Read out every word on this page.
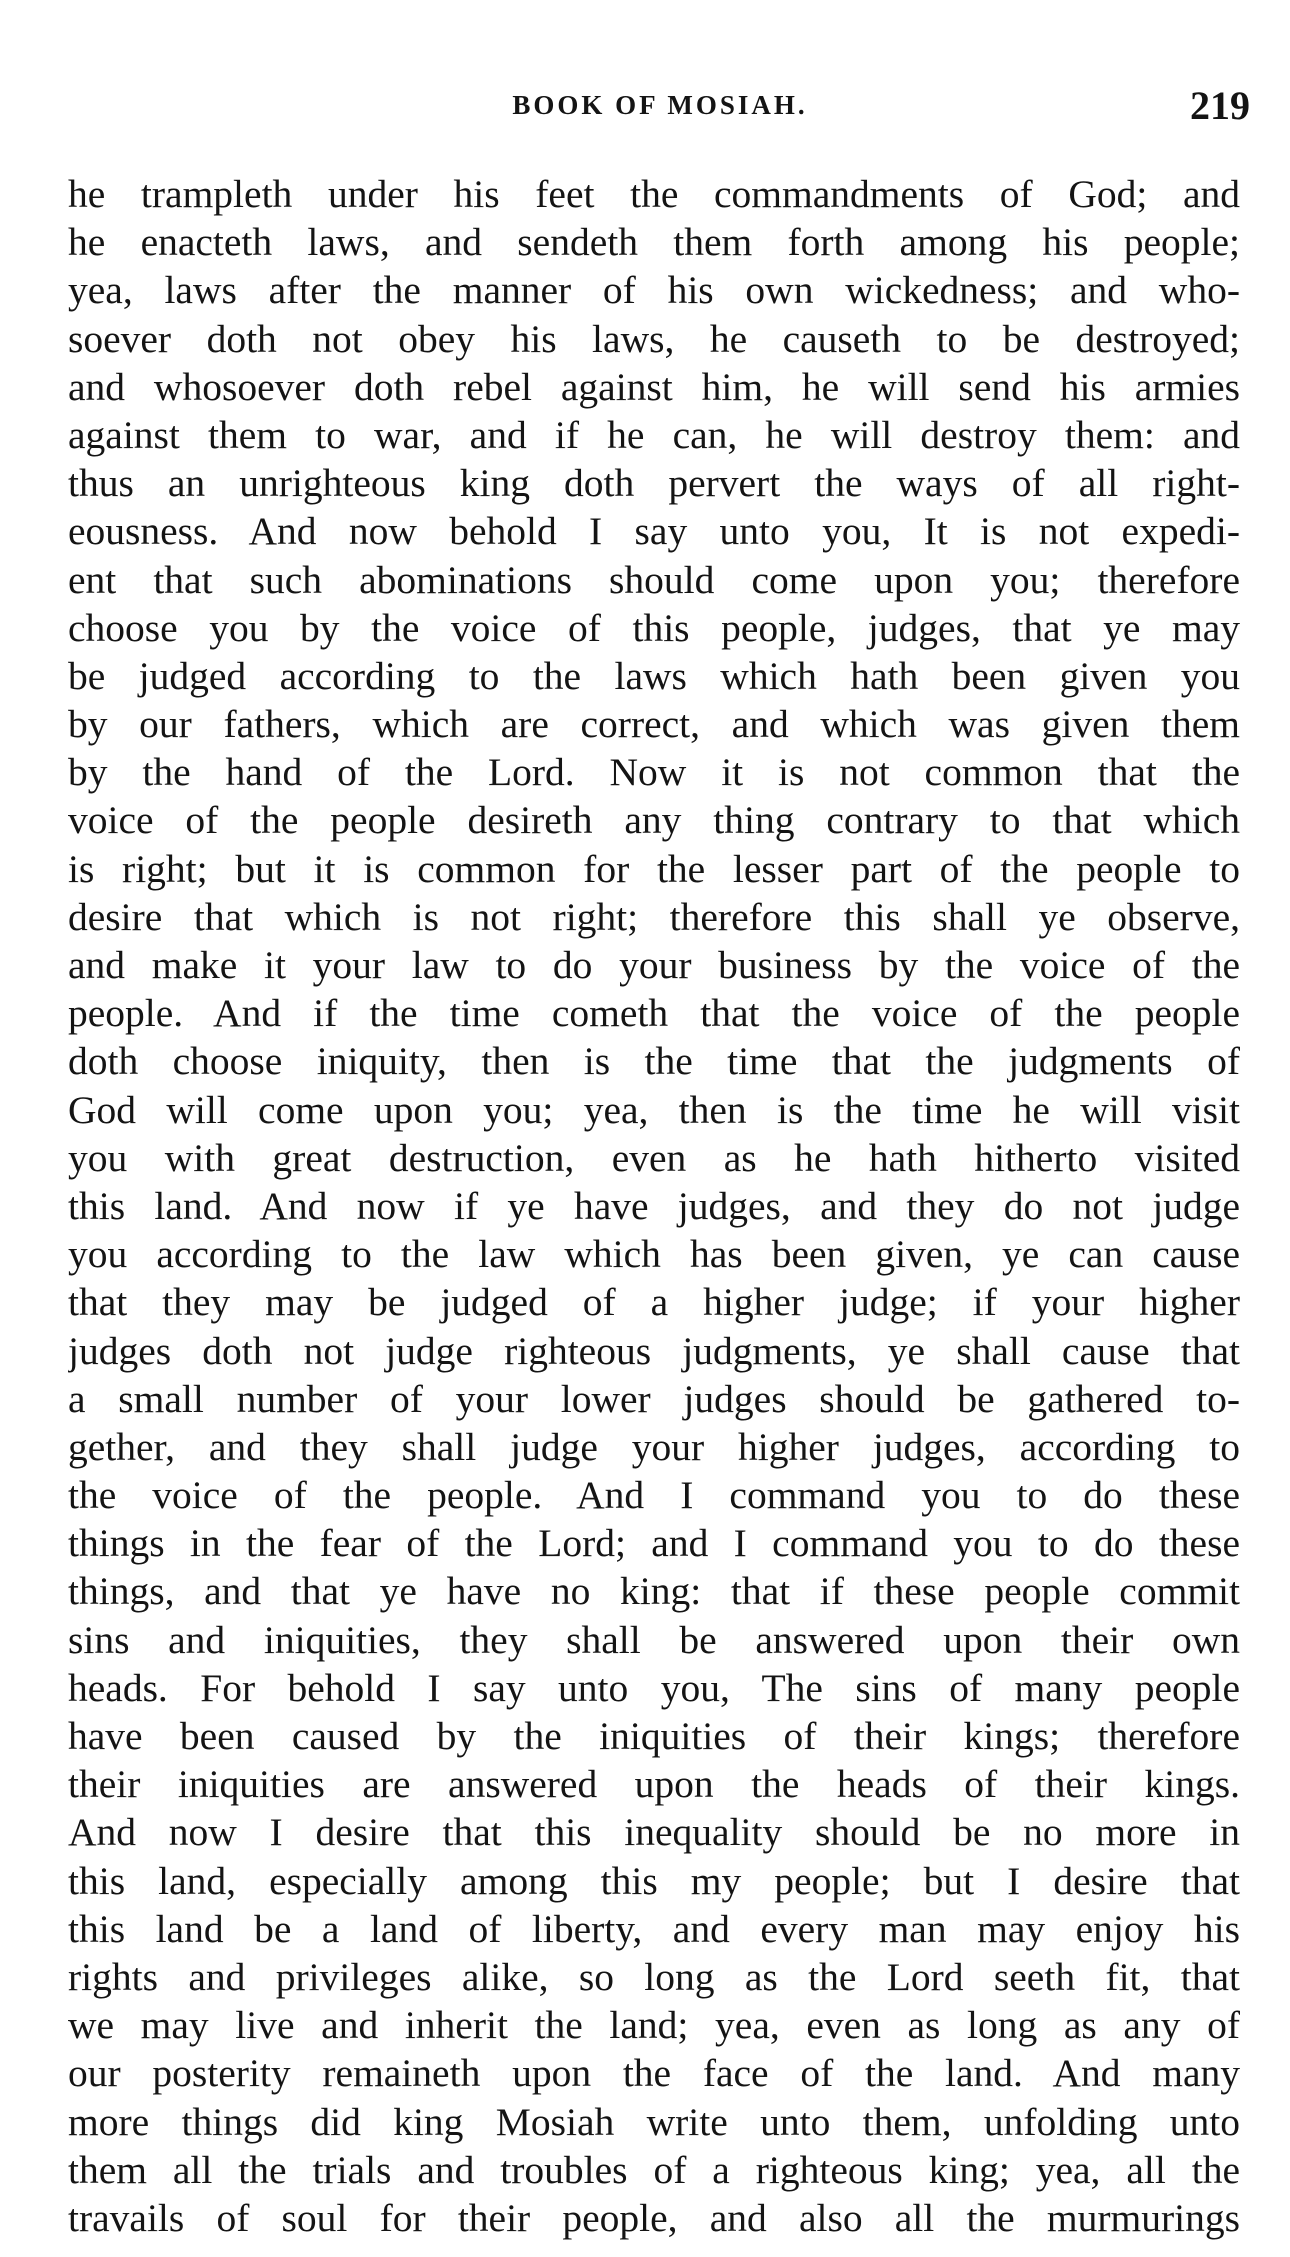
BOOK OF MOSIAH.	219
he trampleth under his feet the commandments of God; and
he enacteth laws, and sendeth them forth among his people;
yea, laws after the manner of his own wickedness; and who-
soever doth not obey his laws, he causeth to be destroyed;
and whosoever doth rebel against him, he will send his armies
against them to war, and if he can, he will destroy them: and
thus an unrighteous king doth pervert the ways of all right-
eousness. And now behold I say unto you, It is not expedi-
ent that such abominations should come upon you; therefore
choose you by the voice of this people, judges, that ye may
be judged according to the laws which hath been given you
by our fathers, which are correct, and which was given them
by the hand of the Lord. Now it is not common that the
voice of the people desireth any thing contrary to that which
is right; but it is common for the lesser part of the people to
desire that which is not right; therefore this shall ye observe,
and make it your law to do your business by the voice of the
people. And if the time cometh that the voice of the people
doth choose iniquity, then is the time that the judgments of
God will come upon you; yea, then is the time he will visit
you with great destruction, even as he hath hitherto visited
this land. And now if ye have judges, and they do not judge
you according to the law which has been given, ye can cause
that they may be judged of a higher judge; if your higher
judges doth not judge righteous judgments, ye shall cause that
a small number of your lower judges should be gathered to-
gether, and they shall judge your higher judges, according to
the voice of the people. And I command you to do these
things in the fear of the Lord; and I command you to do these
things, and that ye have no king: that if these people commit
sins and iniquities, they shall be answered upon their own
heads. For behold I say unto you, The sins of many people
have been caused by the iniquities of their kings; therefore
their iniquities are answered upon the heads of their kings.
And now I desire that this inequality should be no more in
this land, especially among this my people; but I desire that
this land be a land of liberty, and every man may enjoy his
rights and privileges alike, so long as the Lord seeth fit, that
we may live and inherit the land; yea, even as long as any of
our posterity remaineth upon the face of the land. And many
more things did king Mosiah write unto them, unfolding unto
them all the trials and troubles of a righteous king; yea, all the
travails of soul for their people, and also all the murmurings
